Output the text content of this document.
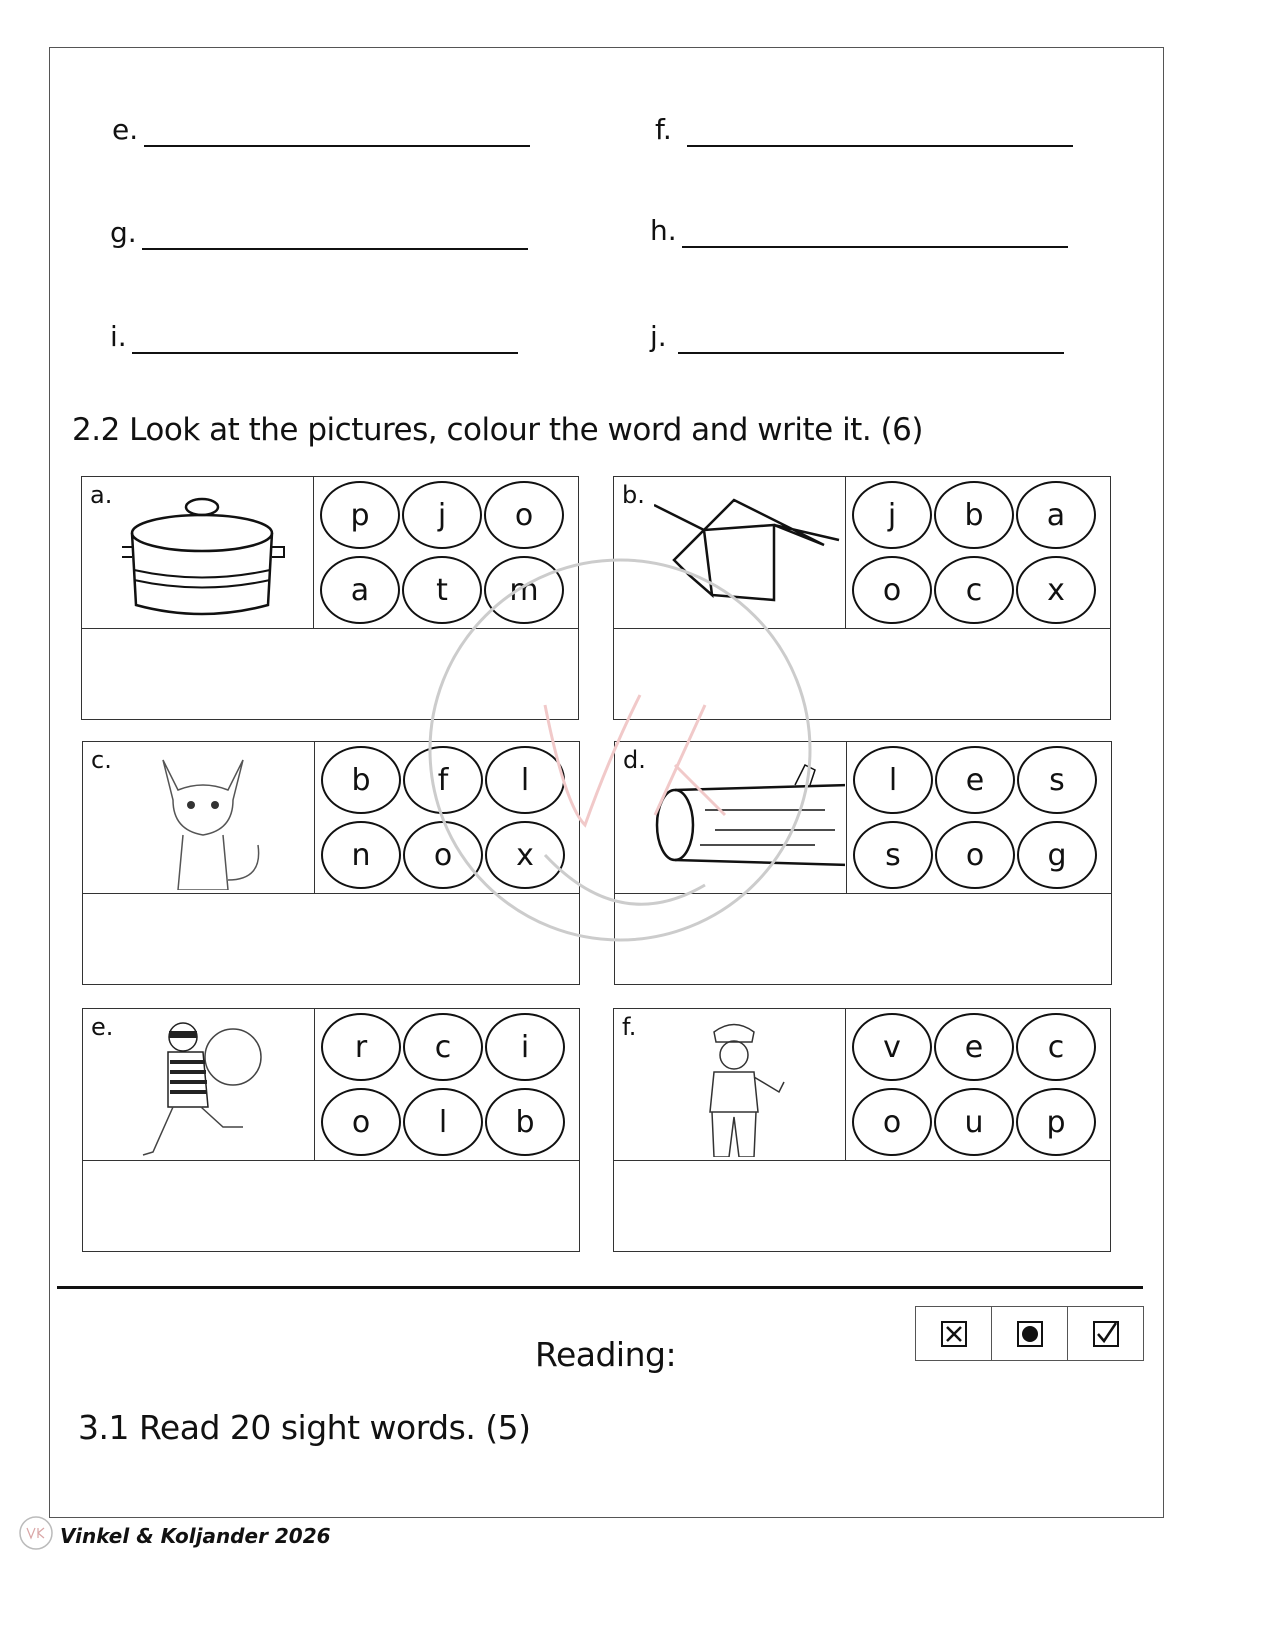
e.	f.
g.	h.
i.	j.
2.2 Look at the pictures, colour the word and write it. (6)
a.
p	j	o
a	t	m
b.
j	b	a
o	c	x
c.
b	f	l
n	o	x
d.
l	e	s
s	o	g
e.
r	c	i
o	l	b
f.
v	e	c
o	u	p
Reading:
3.1 Read 20 sight words. (5)
Vinkel & Koljander 2026
